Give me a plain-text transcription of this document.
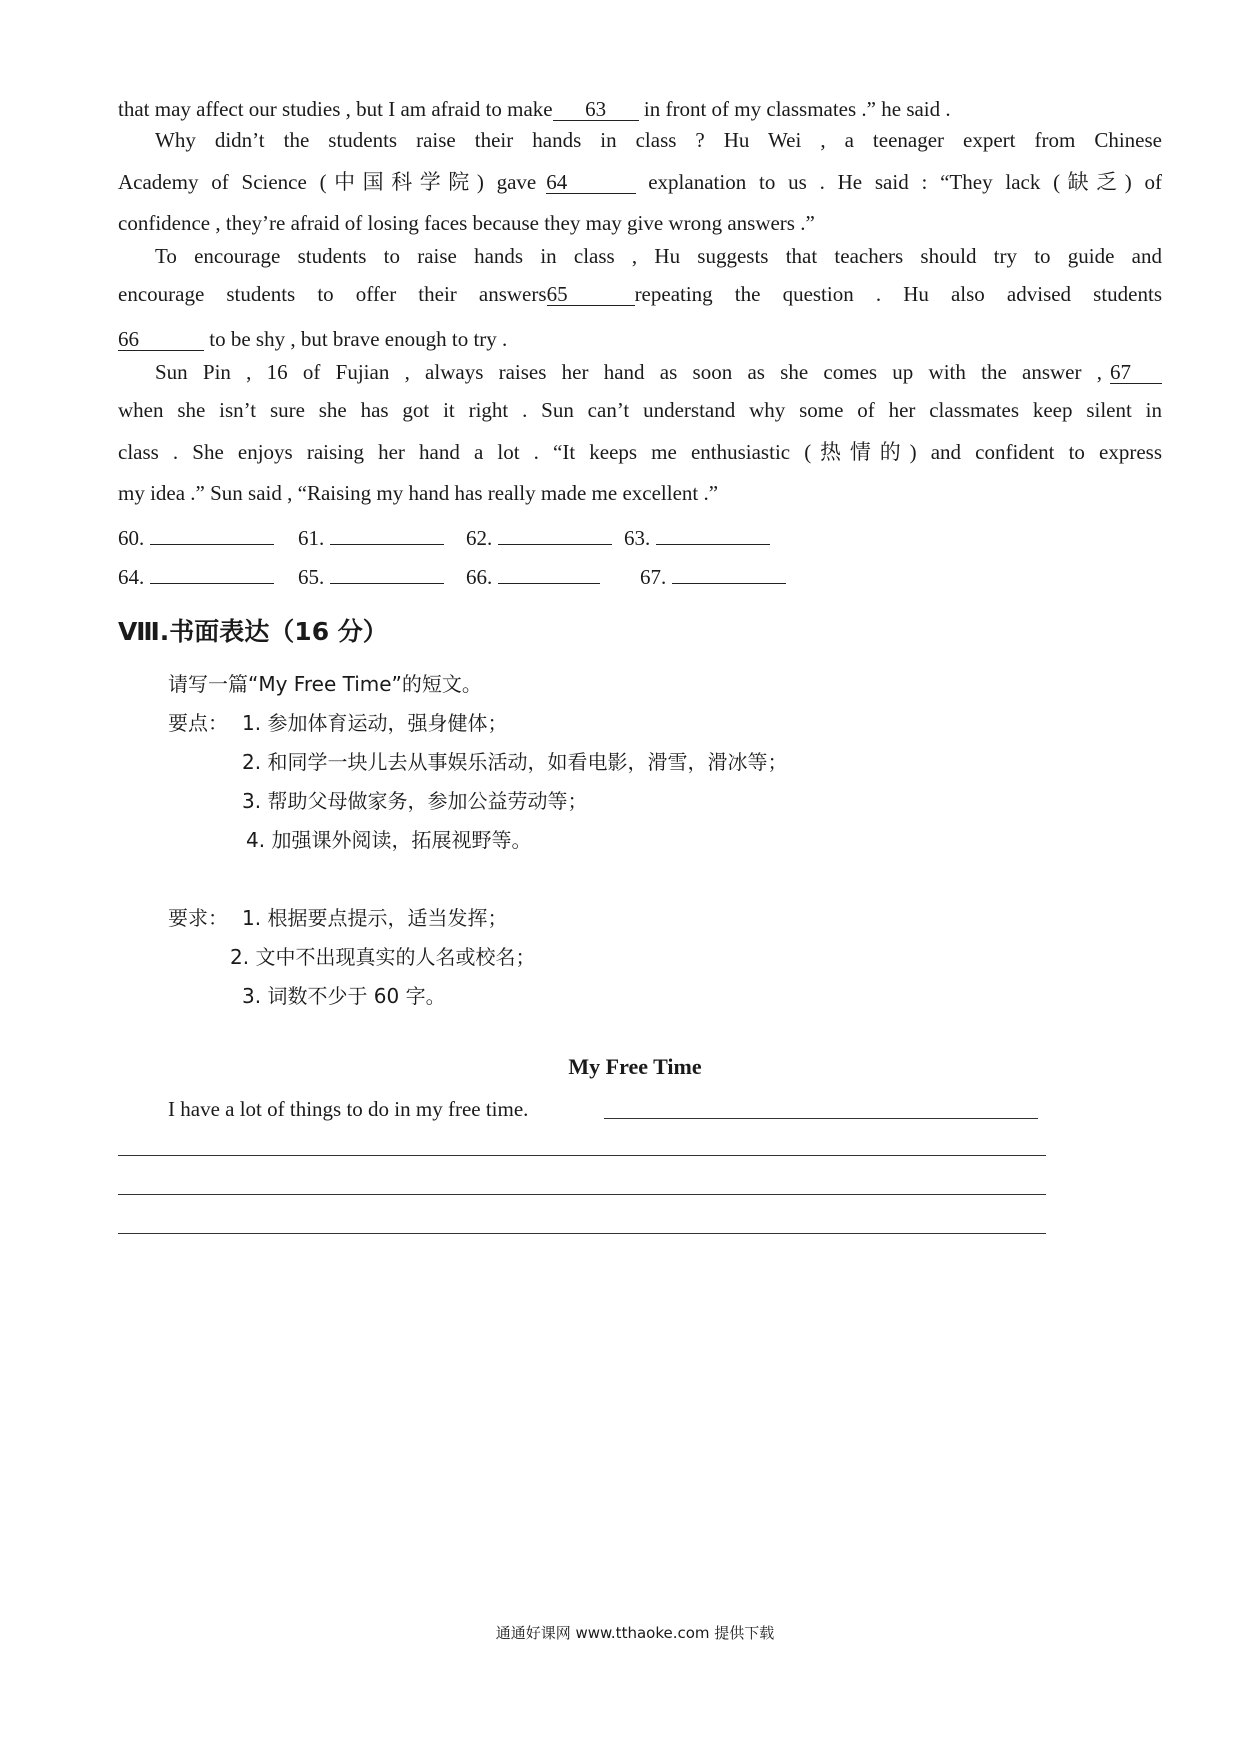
that may affect our studies , but I am afraid to make 63 in front of my classmates .” he said .
Why didn’t the students raise their hands in class ? Hu Wei , a teenager expert from Chinese
Academy of Science (中国科学院) gave 64	explanation to us . He said : “They lack (缺乏) of
confidence , they’re afraid of losing faces because they may give wrong answers .”
To encourage students to raise hands in class , Hu suggests that teachers should try to guide and
encourage students to offer their answers65	repeating the question . Hu also advised students
66	to be shy , but brave enough to try .
Sun Pin , 16 of Fujian , always raises her hand as soon as she comes up with the answer , 67
when she isn’t sure she has got it right . Sun can’t understand why some of her classmates keep silent in
class . She enjoys raising her hand a lot . “It keeps me enthusiastic (热情的) and confident to express
my idea .” Sun said , “Raising my hand has really made me excellent .”
60.	61.	62.	63.
64.	65.	66.	67.
Ⅷ.书面表达（16 分）
请写一篇“My Free Time”的短文。
要点： 1. 参加体育运动，强身健体；
2. 和同学一块儿去从事娱乐活动，如看电影，滑雪，滑冰等；
3. 帮助父母做家务，参加公益劳动等；
4. 加强课外阅读，拓展视野等。
要求： 1. 根据要点提示，适当发挥；
2. 文中不出现真实的人名或校名；
3. 词数不少于 60 字。
My Free Time
I have a lot of things to do in my free time.
通通好课网 www.tthaoke.com 提供下载
